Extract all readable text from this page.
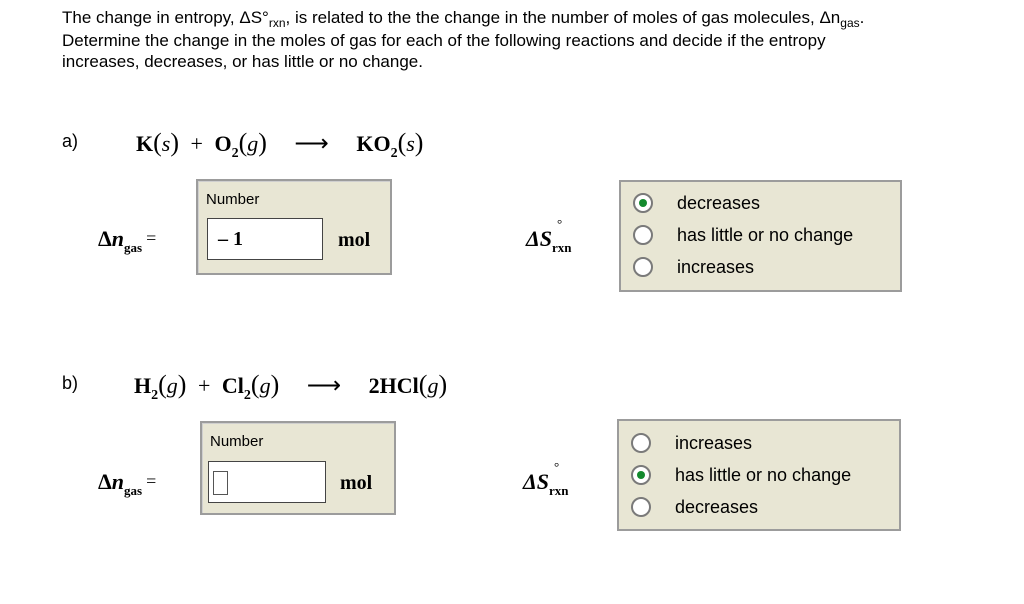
The change in entropy, $\Delta S^\circ_{rxn}$, is related to the the change in the number of moles of gas molecules, $\Delta n_{gas}$.

Determine the change in the moles of gas for each of the following reactions and decide if the entropy

increases, decreases, or has little or no change.

a)	$K(s) + O_2(g)$ ⟶ $KO_2(s)$
$\Delta n_{gas}$ =
Number
– 1	mol	ΔS
°
$_{rxn}$
decreases
has little or no change
increases
b)	$H_2(g) + Cl_2(g)$ ⟶ 2HCl(g)
$\Delta n_{gas}$ =
Number
mol	ΔS
°
$_{rxn}$
increases
has little or no change
decreases
